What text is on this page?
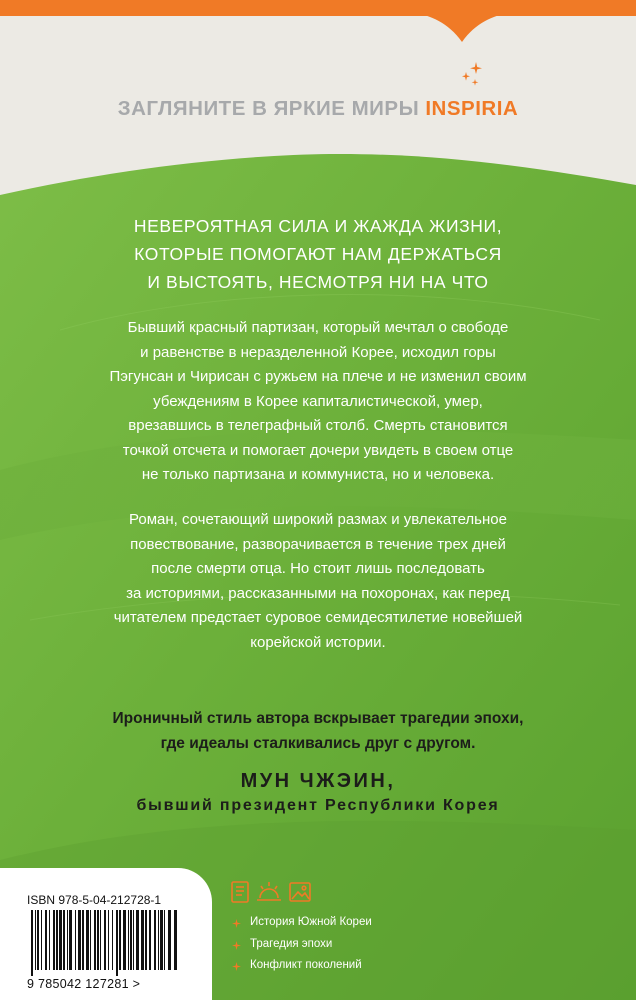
ЗАГЛЯНИТЕ В ЯРКИЕ МИРЫ INSPIRIA
НЕВЕРОЯТНАЯ СИЛА И ЖАЖДА ЖИЗНИ,
КОТОРЫЕ ПОМОГАЮТ НАМ ДЕРЖАТЬСЯ
И ВЫСТОЯТЬ, НЕСМОТРЯ НИ НА ЧТО
Бывший красный партизан, который мечтал о свободе
и равенстве в неразделенной Корее, исходил горы
Пэгунсан и Чирисан с ружьем на плече и не изменил своим
убеждениям в Корее капиталистической, умер,
врезавшись в телеграфный столб. Смерть становится
точкой отсчета и помогает дочери увидеть в своем отце
не только партизана и коммуниста, но и человека.
Роман, сочетающий широкий размах и увлекательное
повествование, разворачивается в течение трех дней
после смерти отца. Но стоит лишь последовать
за историями, рассказанными на похоронах, как перед
читателем предстает суровое семидесятилетие новейшей
корейской истории.
Ироничный стиль автора вскрывает трагедии эпохи,
где идеалы сталкивались друг с другом.
МУН ЧЖЭИН,
бывший президент Республики Корея
ISBN 978-5-04-212728-1
9 785042 127281 >
История Южной Кореи
Трагедия эпохи
Конфликт поколений
